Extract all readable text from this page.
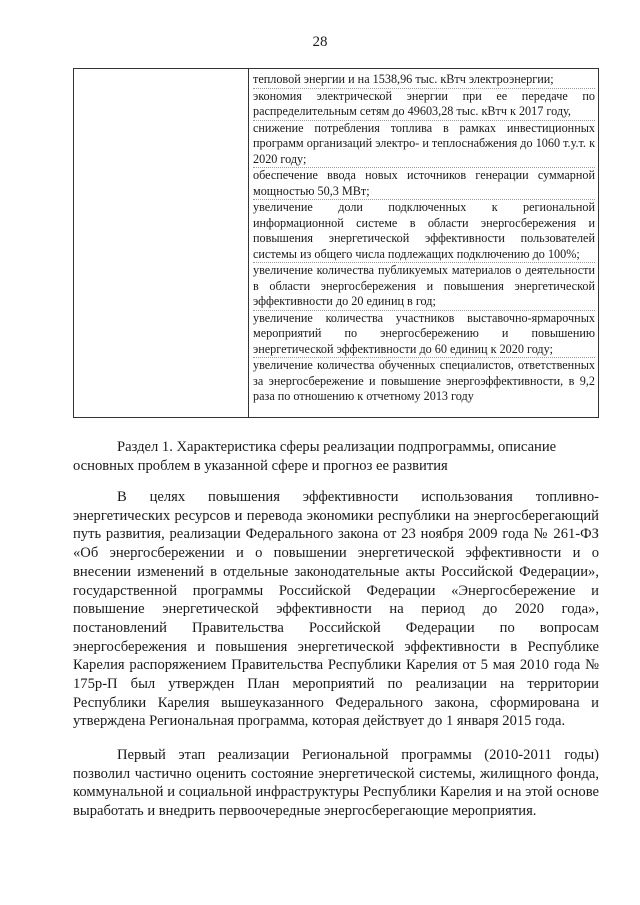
28

тепловой энергии и на 1538,96 тыс. кВтч электроэнергии;

экономия электрической энергии при ее передаче по распределительным сетям до 49603,28 тыс. кВтч к 2017 году,

снижение потребления топлива в рамках инвестиционных программ организаций электро- и теплоснабжения до 1060 т.у.т. к 2020 году;

обеспечение ввода новых источников генерации суммарной мощностью 50,3 МВт;

увеличение доли подключенных к региональной информационной системе в области энергосбережения и повышения энергетической эффективности пользователей системы из общего числа подлежащих подключению до 100%;

увеличение количества публикуемых материалов о деятельности в области энергосбережения и повышения энергетической эффективности до 20 единиц в год;

увеличение количества участников выставочно-ярмарочных мероприятий по энергосбережению и повышению энергетической эффективности до 60 единиц к 2020 году;

увеличение количества обученных специалистов, ответственных за энергосбережение и повышение энергоэффективности, в 9,2 раза по отношению к отчетному 2013 году

Раздел 1. Характеристика сферы реализации подпрограммы, описание основных проблем в указанной сфере и прогноз ее развития

В целях повышения эффективности использования топливно-энергетических ресурсов и перевода экономики республики на энергосберегающий путь развития, реализации Федерального закона от 23 ноября 2009 года № 261-ФЗ «Об энергосбережении и о повышении энергетической эффективности и о внесении изменений в отдельные законодательные акты Российской Федерации», государственной программы Российской Федерации «Энергосбережение и повышение энергетической эффективности на период до 2020 года», постановлений Правительства Российской Федерации по вопросам энергосбережения и повышения энергетической эффективности в Республике Карелия распоряжением Правительства Республики Карелия от 5 мая 2010 года № 175р-П был утвержден План мероприятий по реализации на территории Республики Карелия вышеуказанного Федерального закона, сформирована и утверждена Региональная программа, которая действует до 1 января 2015 года.

Первый этап реализации Региональной программы (2010-2011 годы) позволил частично оценить состояние энергетической системы, жилищного фонда, коммунальной и социальной инфраструктуры Республики Карелия и на этой основе выработать и внедрить первоочередные энергосберегающие мероприятия.
